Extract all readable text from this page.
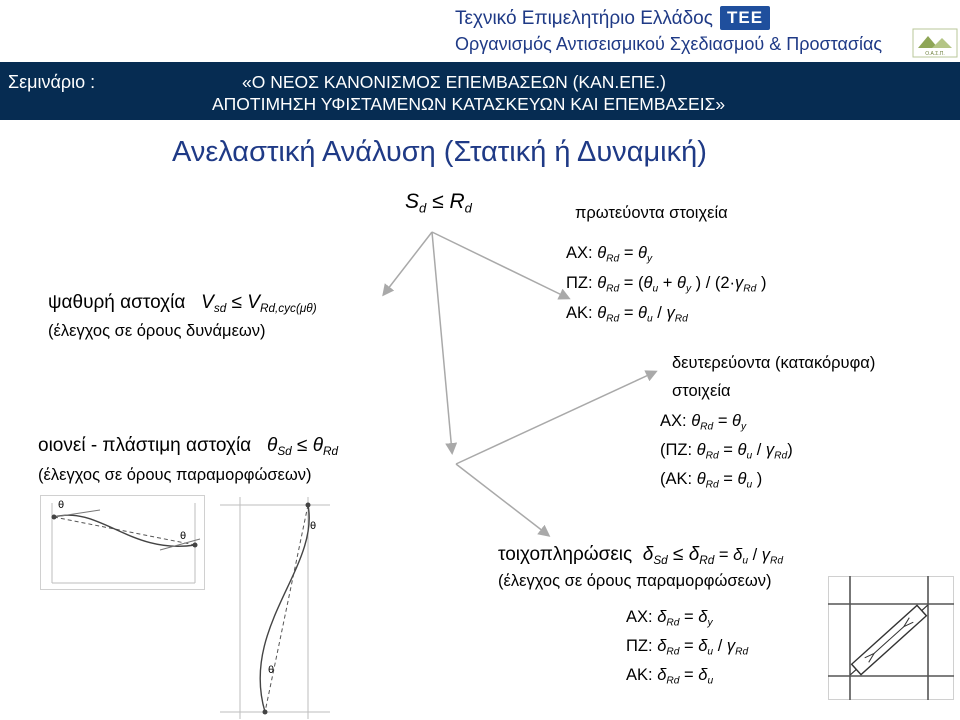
Τεχνικό Επιμελητήριο Ελλάδος
Οργανισμός Αντισεισμικού Σχεδιασμού & Προστασίας
ΤΕΕ
Ο.Α.Σ.Π.
Σεμινάριο :	«Ο ΝΕΟΣ ΚΑΝΟΝΙΣΜΟΣ ΕΠΕΜΒΑΣΕΩΝ (ΚΑΝ.ΕΠΕ.)
ΑΠΟΤΙΜΗΣΗ ΥΦΙΣΤΑΜΕΝΩΝ ΚΑΤΑΣΚΕΥΩΝ ΚΑΙ ΕΠΕΜΒΑΣΕΙΣ»
Ανελαστική Ανάλυση (Στατική ή Δυναμική)
$S_d \le R_d$
ψαθυρή αστοχία $V_{sd} \le V_{Rd,cyc(\mu\theta)}$
(έλεγχος σε όρους δυνάμεων)
οιονεί - πλάστιμη αστοχία $\theta_{Sd} \le \theta_{Rd}$
(έλεγχος σε όρους παραμορφώσεων)
πρωτεύοντα στοιχεία
ΑΧ: $\theta_{Rd} = \theta_y$
ΠΖ: $\theta_{Rd} = (\theta_u + \theta_y$ ) / ($2\cdot\gamma_{Rd}$ )
ΑΚ: $\theta_{Rd} = \theta_u / \gamma_{Rd}$
δευτερεύοντα (κατακόρυφα)
στοιχεία
ΑΧ: $\theta_{Rd} = \theta_y$
(ΠΖ: $\theta_{Rd} = \theta_u / \gamma_{Rd}$)
(ΑΚ: $\theta_{Rd} = \theta_u$ )
τοιχοπληρώσεις $\delta_{Sd} \le \delta_{Rd} = \delta_u / \gamma_{Rd}$
(έλεγχος σε όρους παραμορφώσεων)
ΑΧ: $\delta_{Rd} = \delta_y$
ΠΖ: $\delta_{Rd} = \delta_u / \gamma_{Rd}$
ΑΚ: $\delta_{Rd} = \delta_u$
θ
θ
θ
θ
